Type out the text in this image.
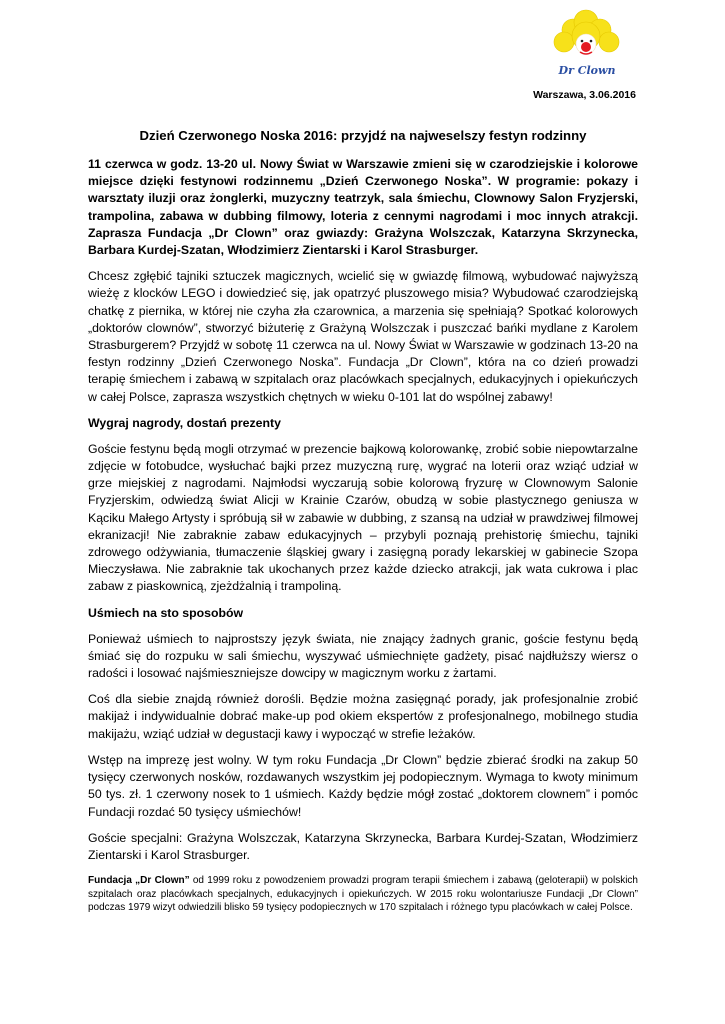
Dr Clown
Warszawa, 3.06.2016
Dzień Czerwonego Noska 2016: przyjdź na najweselszy festyn rodzinny

11 czerwca w godz. 13-20 ul. Nowy Świat w Warszawie zmieni się w czarodziejskie i kolorowe miejsce dzięki festynowi rodzinnemu „Dzień Czerwonego Noska”. W programie: pokazy i warsztaty iluzji oraz żonglerki, muzyczny teatrzyk, sala śmiechu, Clownowy Salon Fryzjerski, trampolina, zabawa w dubbing filmowy, loteria z cennymi nagrodami i moc innych atrakcji. Zaprasza Fundacja „Dr Clown” oraz gwiazdy: Grażyna Wolszczak, Katarzyna Skrzynecka, Barbara Kurdej-Szatan, Włodzimierz Zientarski i Karol Strasburger.

Chcesz zgłębić tajniki sztuczek magicznych, wcielić się w gwiazdę filmową, wybudować najwyższą wieżę z klocków LEGO i dowiedzieć się, jak opatrzyć pluszowego misia? Wybudować czarodziejską chatkę z piernika, w której nie czyha zła czarownica, a marzenia się spełniają? Spotkać kolorowych „doktorów clownów”, stworzyć biżuterię z Grażyną Wolszczak i puszczać bańki mydlane z Karolem Strasburgerem? Przyjdź w sobotę 11 czerwca na ul. Nowy Świat w Warszawie w godzinach 13-20 na festyn rodzinny „Dzień Czerwonego Noska”. Fundacja „Dr Clown”, która na co dzień prowadzi terapię śmiechem i zabawą w szpitalach oraz placówkach specjalnych, edukacyjnych i opiekuńczych w całej Polsce, zaprasza wszystkich chętnych w wieku 0-101 lat do wspólnej zabawy!

Wygraj nagrody, dostań prezenty

Goście festynu będą mogli otrzymać w prezencie bajkową kolorowankę, zrobić sobie niepowtarzalne zdjęcie w fotobudce, wysłuchać bajki przez muzyczną rurę, wygrać na loterii oraz wziąć udział w grze miejskiej z nagrodami. Najmłodsi wyczarują sobie kolorową fryzurę w Clownowym Salonie Fryzjerskim, odwiedzą świat Alicji w Krainie Czarów, obudzą w sobie plastycznego geniusza w Kąciku Małego Artysty i spróbują sił w zabawie w dubbing, z szansą na udział w prawdziwej filmowej ekranizacji! Nie zabraknie zabaw edukacyjnych – przybyli poznają prehistorię śmiechu, tajniki zdrowego odżywiania, tłumaczenie śląskiej gwary i zasięgną porady lekarskiej w gabinecie Szopa Mieczysława. Nie zabraknie tak ukochanych przez każde dziecko atrakcji, jak wata cukrowa i plac zabaw z piaskownicą, zjeżdżalnią i trampoliną.

Uśmiech na sto sposobów

Ponieważ uśmiech to najprostszy język świata, nie znający żadnych granic, goście festynu będą śmiać się do rozpuku w sali śmiechu, wyszywać uśmiechnięte gadżety, pisać najdłuższy wiersz o radości i losować najśmieszniejsze dowcipy w magicznym worku z żartami.

Coś dla siebie znajdą również dorośli. Będzie można zasięgnąć porady, jak profesjonalnie zrobić makijaż i indywidualnie dobrać make-up pod okiem ekspertów z profesjonalnego, mobilnego studia makijażu, wziąć udział w degustacji kawy i wypocząć w strefie leżaków.

Wstęp na imprezę jest wolny. W tym roku Fundacja „Dr Clown” będzie zbierać środki na zakup 50 tysięcy czerwonych nosków, rozdawanych wszystkim jej podopiecznym. Wymaga to kwoty minimum 50 tys. zł. 1 czerwony nosek to 1 uśmiech. Każdy będzie mógł zostać „doktorem clownem” i pomóc Fundacji rozdać 50 tysięcy uśmiechów!

Goście specjalni: Grażyna Wolszczak, Katarzyna Skrzynecka, Barbara Kurdej-Szatan, Włodzimierz Zientarski i Karol Strasburger.

Fundacja „Dr Clown” od 1999 roku z powodzeniem prowadzi program terapii śmiechem i zabawą (geloterapii) w polskich szpitalach oraz placówkach specjalnych, edukacyjnych i opiekuńczych. W 2015 roku wolontariusze Fundacji „Dr Clown” podczas 1979 wizyt odwiedzili blisko 59 tysięcy podopiecznych w 170 szpitalach i różnego typu placówkach w całej Polsce.
